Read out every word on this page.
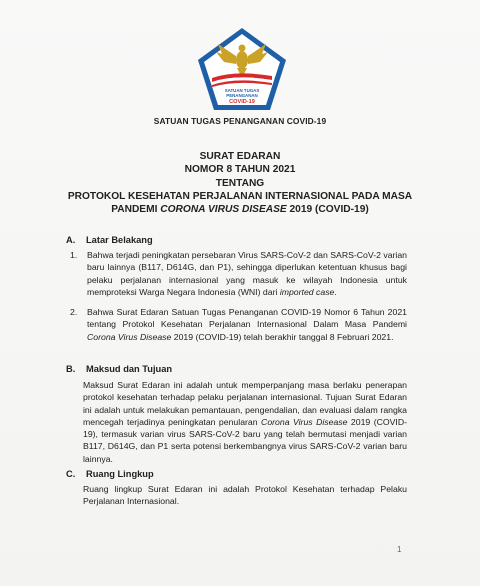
SATUAN TUGAS
PENANGANAN
COVID-19
SATUAN TUGAS PENANGANAN COVID-19

SURAT EDARAN

NOMOR 8 TAHUN 2021

TENTANG

PROTOKOL KESEHATAN PERJALANAN INTERNASIONAL PADA MASA

PANDEMI CORONA VIRUS DISEASE 2019 (COVID-19)

A. Latar Belakang
1.	Bahwa terjadi peningkatan persebaran Virus SARS-CoV-2 dan SARS-CoV-2 varian baru lainnya (B117, D614G, dan P1), sehingga diperlukan ketentuan khusus bagi pelaku perjalanan internasional yang masuk ke wilayah Indonesia untuk memproteksi Warga Negara Indonesia (WNI) dari imported case.
2.	Bahwa Surat Edaran Satuan Tugas Penanganan COVID-19 Nomor 6 Tahun 2021 tentang Protokol Kesehatan Perjalanan Internasional Dalam Masa Pandemi Corona Virus Disease 2019 (COVID-19) telah berakhir tanggal 8 Februari 2021.
B. Maksud dan Tujuan
Maksud Surat Edaran ini adalah untuk memperpanjang masa berlaku penerapan protokol kesehatan terhadap pelaku perjalanan internasional. Tujuan Surat Edaran ini adalah untuk melakukan pemantauan, pengendalian, dan evaluasi dalam rangka mencegah terjadinya peningkatan penularan Corona Virus Disease 2019 (COVID-19), termasuk varian virus SARS-CoV-2 baru yang telah bermutasi menjadi varian B117, D614G, dan P1 serta potensi berkembangnya virus SARS-CoV-2 varian baru lainnya.
C. Ruang Lingkup
Ruang lingkup Surat Edaran ini adalah Protokol Kesehatan terhadap Pelaku Perjalanan Internasional.
1
